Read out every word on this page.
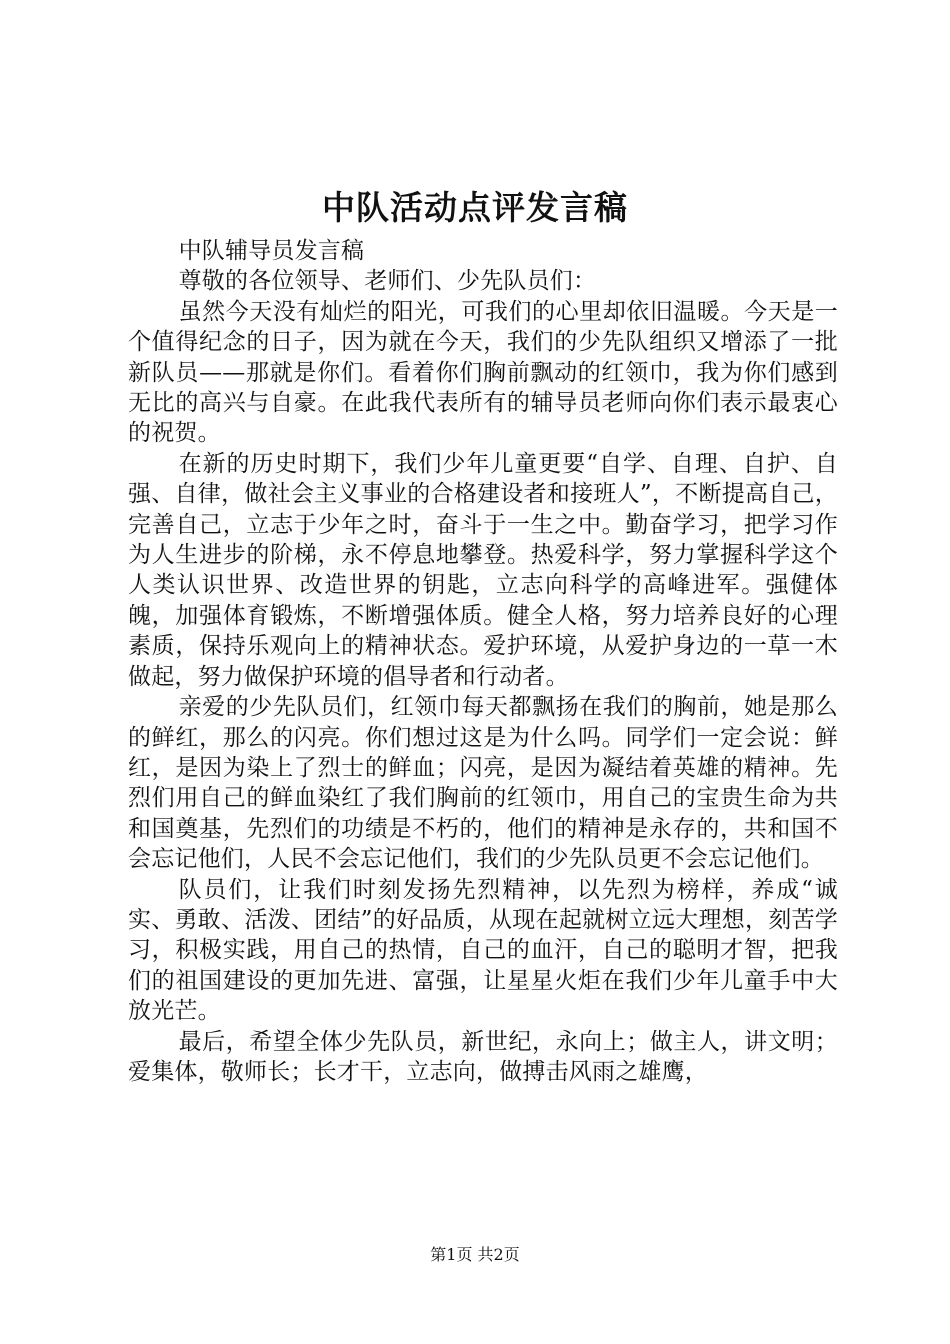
中队活动点评发言稿

中队辅导员发言稿

尊敬的各位领导、老师们、少先队员们：

虽然今天没有灿烂的阳光，可我们的心里却依旧温暖。今天是一个值得纪念的日子，因为就在今天，我们的少先队组织又增添了一批新队员——那就是你们。看着你们胸前飘动的红领巾，我为你们感到无比的高兴与自豪。在此我代表所有的辅导员老师向你们表示最衷心的祝贺。

在新的历史时期下，我们少年儿童更要“自学、自理、自护、自强、自律，做社会主义事业的合格建设者和接班人”，不断提高自己，完善自己，立志于少年之时，奋斗于一生之中。勤奋学习，把学习作为人生进步的阶梯，永不停息地攀登。热爱科学，努力掌握科学这个人类认识世界、改造世界的钥匙，立志向科学的高峰进军。强健体魄，加强体育锻炼，不断增强体质。健全人格，努力培养良好的心理素质，保持乐观向上的精神状态。爱护环境，从爱护身边的一草一木做起，努力做保护环境的倡导者和行动者。

亲爱的少先队员们，红领巾每天都飘扬在我们的胸前，她是那么的鲜红，那么的闪亮。你们想过这是为什么吗。同学们一定会说：鲜红，是因为染上了烈士的鲜血；闪亮，是因为凝结着英雄的精神。先烈们用自己的鲜血染红了我们胸前的红领巾，用自己的宝贵生命为共和国奠基，先烈们的功绩是不朽的，他们的精神是永存的，共和国不会忘记他们，人民不会忘记他们，我们的少先队员更不会忘记他们。

队员们，让我们时刻发扬先烈精神，以先烈为榜样，养成“诚实、勇敢、活泼、团结”的好品质，从现在起就树立远大理想，刻苦学习，积极实践，用自己的热情，自己的血汗，自己的聪明才智，把我们的祖国建设的更加先进、富强，让星星火炬在我们少年儿童手中大放光芒。

最后，希望全体少先队员，新世纪，永向上；做主人，讲文明；爱集体，敬师长；长才干，立志向，做搏击风雨之雄鹰，

第1页 共2页
